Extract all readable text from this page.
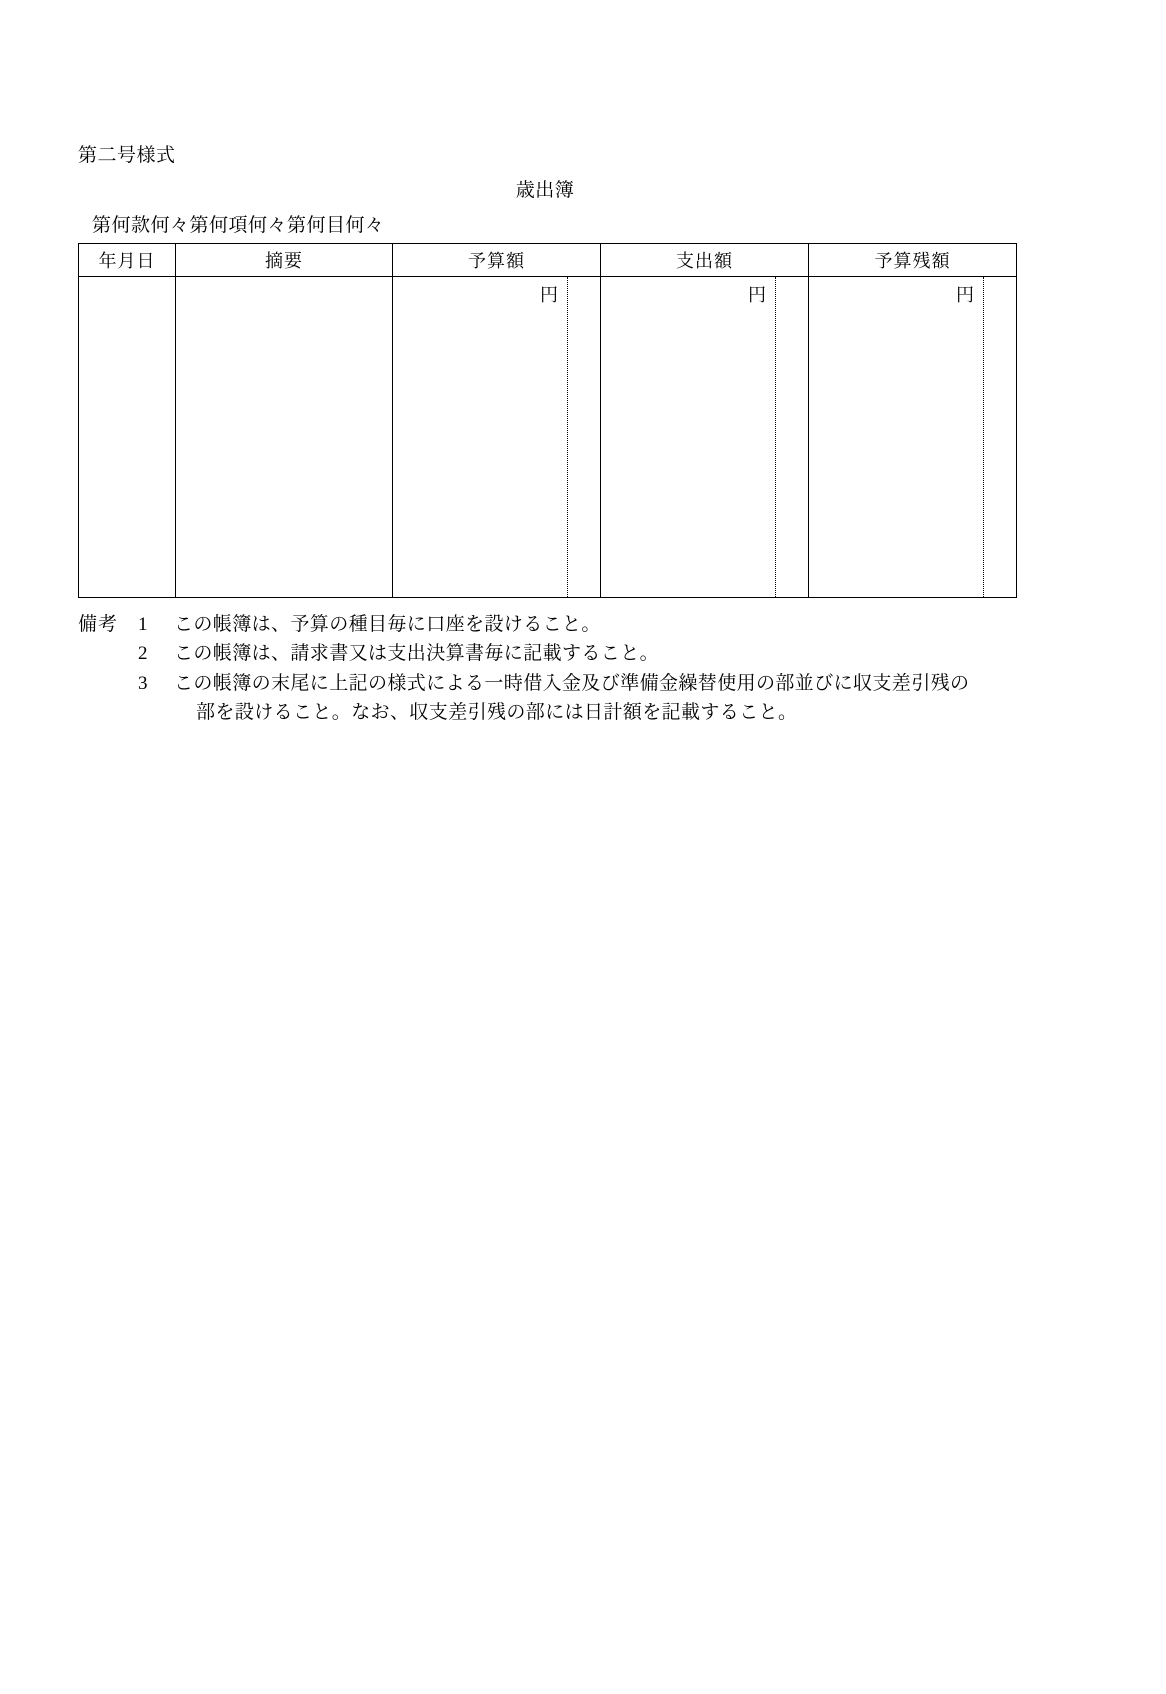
第二号様式
歳出簿
第何款何々第何項何々第何目何々
年月日	摘要	予算額	支出額	予算残額

		円	円	円
備考 1	この帳簿は、予算の種目毎に口座を設けること。
2	この帳簿は、請求書又は支出決算書毎に記載すること。
3	この帳簿の末尾に上記の様式による一時借入金及び準備金繰替使用の部並びに収支差引残の
部を設けること。なお、収支差引残の部には日計額を記載すること。
